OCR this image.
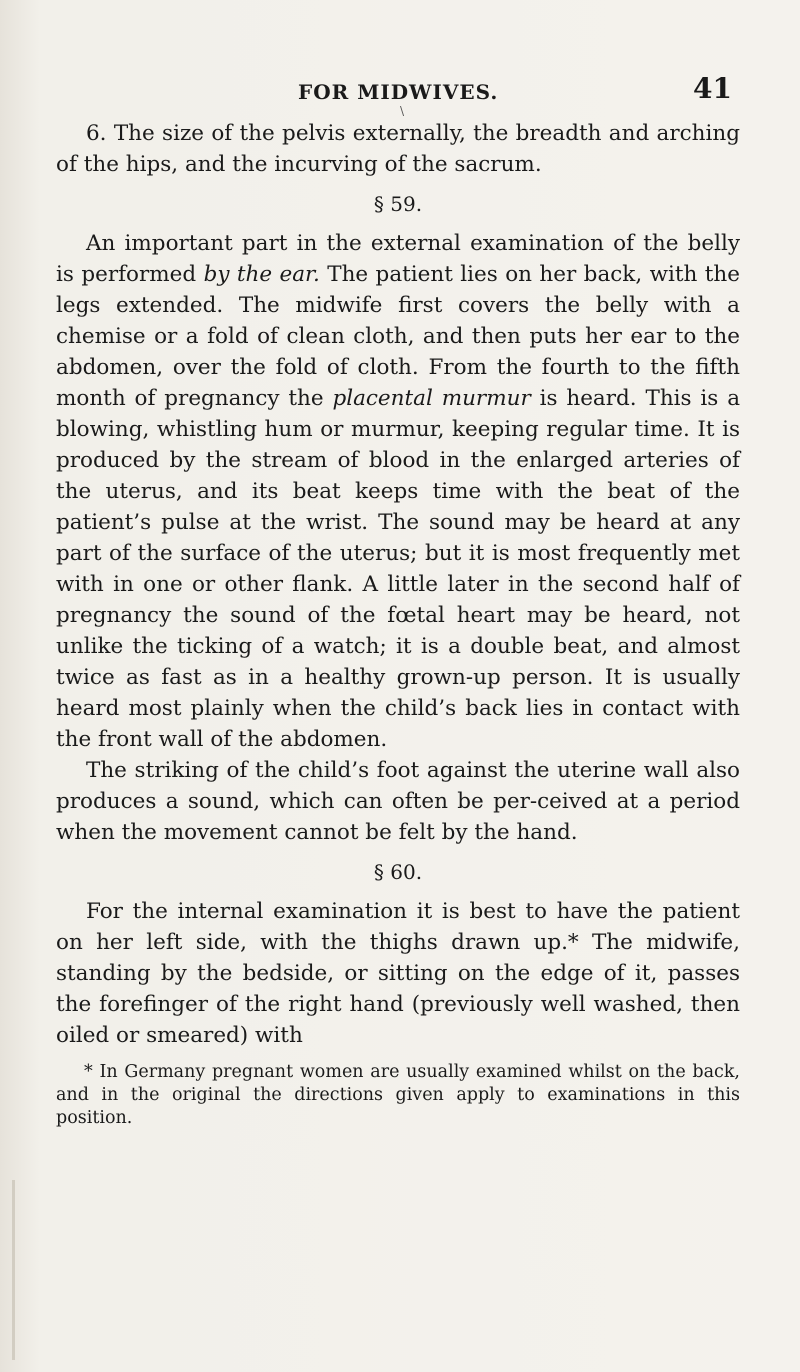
\
FOR MIDWIVES.	41

6. The size of the pelvis externally, the breadth and arching of the hips, and the incurving of the sacrum.

§ 59.

An important part in the external examination of the belly is performed by the ear. The patient lies on her back, with the legs extended. The midwife first covers the belly with a chemise or a fold of clean cloth, and then puts her ear to the abdomen, over the fold of cloth. From the fourth to the fifth month of pregnancy the placental murmur is heard. This is a blowing, whistling hum or murmur, keeping regular time. It is produced by the stream of blood in the enlarged arteries of the uterus, and its beat keeps time with the beat of the patient’s pulse at the wrist. The sound may be heard at any part of the surface of the uterus; but it is most frequently met with in one or other flank. A little later in the second half of pregnancy the sound of the fœtal heart may be heard, not unlike the ticking of a watch; it is a double beat, and almost twice as fast as in a healthy grown-up person. It is usually heard most plainly when the child’s back lies in contact with the front wall of the abdomen.

The striking of the child’s foot against the uterine wall also produces a sound, which can often be per-ceived at a period when the movement cannot be felt by the hand.

§ 60.

For the internal examination it is best to have the patient on her left side, with the thighs drawn up.* The midwife, standing by the bedside, or sitting on the edge of it, passes the forefinger of the right hand (previously well washed, then oiled or smeared) with

* In Germany pregnant women are usually examined whilst on the back, and in the original the directions given apply to examinations in this position.
